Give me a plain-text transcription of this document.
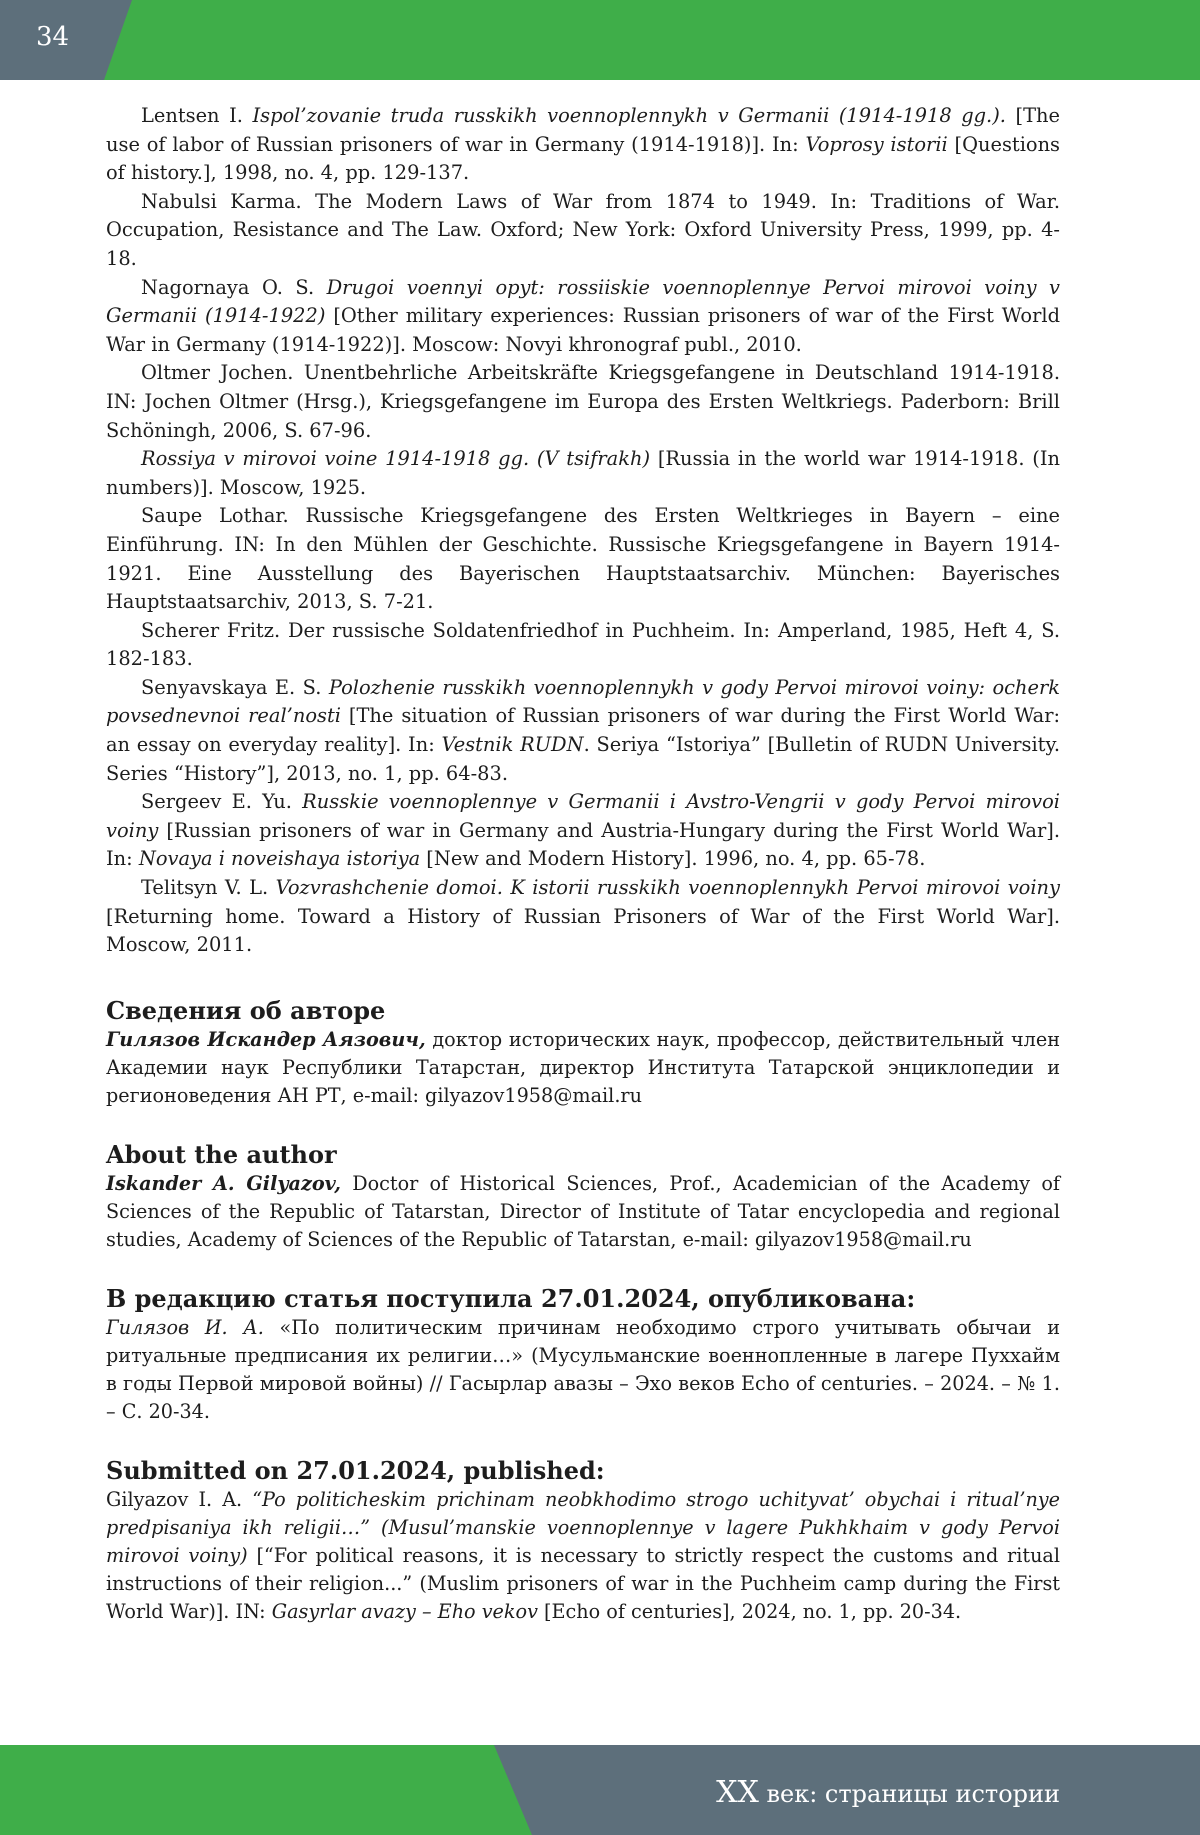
34

Lentsen I. Ispol’zovanie truda russkikh voennoplennykh v Germanii (1914-1918 gg.). [The use of labor of Russian prisoners of war in Germany (1914-1918)]. In: Voprosy istorii [Questions of history.], 1998, no. 4, pp. 129-137.

Nabulsi Karma. The Modern Laws of War from 1874 to 1949. In: Traditions of War. Occupation, Resistance and The Law. Oxford; New York: Oxford University Press, 1999, pp. 4-18.

Nagornaya O. S. Drugoi voennyi opyt: rossiiskie voennoplennye Pervoi mirovoi voiny v Germanii (1914-1922) [Other military experiences: Russian prisoners of war of the First World War in Germany (1914-1922)]. Moscow: Novyi khronograf publ., 2010.

Oltmer Jochen. Unentbehrliche Arbeitskräfte Kriegsgefangene in Deutschland 1914-1918. IN: Jochen Oltmer (Hrsg.), Kriegsgefangene im Europa des Ersten Weltkriegs. Paderborn: Brill Schöningh, 2006, S. 67-96.

Rossiya v mirovoi voine 1914-1918 gg. (V tsifrakh) [Russia in the world war 1914-1918. (In numbers)]. Moscow, 1925.

Saupe Lothar. Russische Kriegsgefangene des Ersten Weltkrieges in Bayern – eine Einführung. IN: In den Mühlen der Geschichte. Russische Kriegsgefangene in Bayern 1914-1921. Eine Ausstellung des Bayerischen Hauptstaatsarchiv. München: Bayerisches Hauptstaatsarchiv, 2013, S. 7-21.

Scherer Fritz. Der russische Soldatenfriedhof in Puchheim. In: Amperland, 1985, Heft 4, S. 182-183.

Senyavskaya E. S. Polozhenie russkikh voennoplennykh v gody Pervoi mirovoi voiny: ocherk povsednevnoi real’nosti [The situation of Russian prisoners of war during the First World War: an essay on everyday reality]. In: Vestnik RUDN. Seriya “Istoriya” [Bulletin of RUDN University. Series “History”], 2013, no. 1, pp. 64-83.

Sergeev E. Yu. Russkie voennoplennye v Germanii i Avstro-Vengrii v gody Pervoi mirovoi voiny [Russian prisoners of war in Germany and Austria-Hungary during the First World War]. In: Novaya i noveishaya istoriya [New and Modern History]. 1996, no. 4, pp. 65-78.

Telitsyn V. L. Vozvrashchenie domoi. K istorii russkikh voennoplennykh Pervoi mirovoi voiny [Returning home. Toward a History of Russian Prisoners of War of the First World War]. Moscow, 2011.

Сведения об авторе

Гилязов Искандер Аязович, доктор исторических наук, профессор, действительный член Академии наук Республики Татарстан, директор Института Татарской энциклопедии и регионоведения АН РТ, e-mail: gilyazov1958@mail.ru

About the author

Iskander A. Gilyazov, Doctor of Historical Sciences, Prof., Academician of the Academy of Sciences of the Republic of Tatarstan, Director of Institute of Tatar encyclopedia and regional studies, Academy of Sciences of the Republic of Tatarstan, e-mail: gilyazov1958@mail.ru

В редакцию статья поступила 27.01.2024, опубликована:

Гилязов И. А. «По политическим причинам необходимо строго учитывать обычаи и ритуальные предписания их религии…» (Мусульманские военнопленные в лагере Пуххайм в годы Первой мировой войны) // Гасырлар авазы – Эхо веков Echo of centuries. – 2024. – № 1. – С. 20-34.

Submitted on 27.01.2024, published:

Gilyazov I. A. “Po politicheskim prichinam neobkhodimo strogo uchityvat’ obychai i ritual’nye predpisaniya ikh religii…” (Musul’manskie voennoplennye v lagere Pukhkhaim v gody Pervoi mirovoi voiny) [“For political reasons, it is necessary to strictly respect the customs and ritual instructions of their religion...” (Muslim prisoners of war in the Puchheim camp during the First World War)]. IN: Gasyrlar avazy – Eho vekov [Echo of centuries], 2024, no. 1, pp. 20-34.

XX век: страницы истории
